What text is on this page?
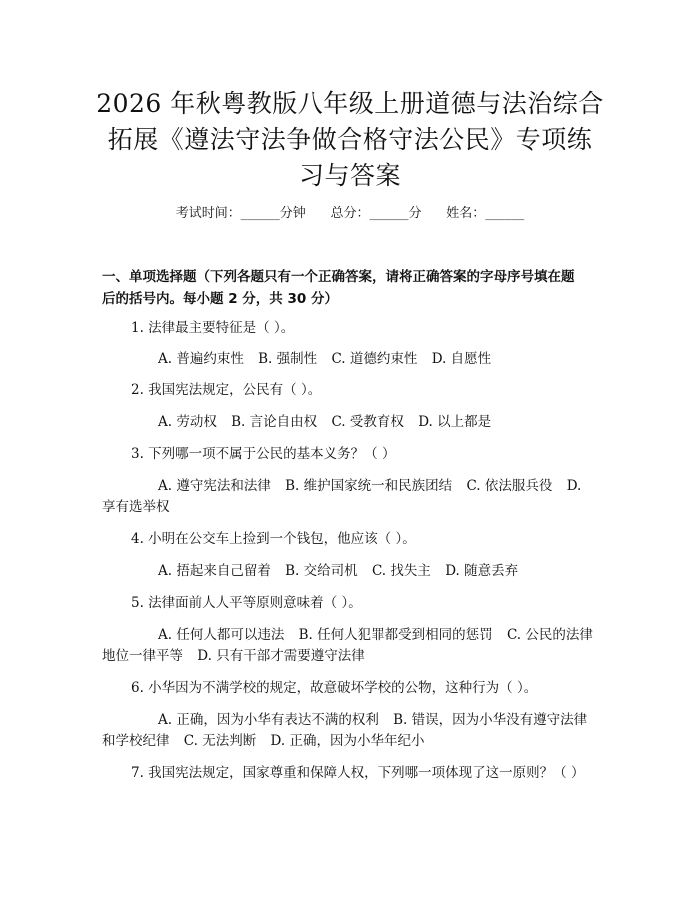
2026 年秋粤教版八年级上册道德与法治综合
拓展《遵法守法争做合格守法公民》专项练
习与答案
考试时间：______分钟      总分：______分      姓名：______
一、单项选择题（下列各题只有一个正确答案，请将正确答案的字母序号填在题
后的括号内。每小题 2 分，共 30 分）
1. 法律最主要特征是（ ）。
A. 普遍约束性 B. 强制性 C. 道德约束性 D. 自愿性
2. 我国宪法规定，公民有（ ）。
A. 劳动权 B. 言论自由权 C. 受教育权 D. 以上都是
3. 下列哪一项不属于公民的基本义务？（ ）
A. 遵守宪法和法律 B. 维护国家统一和民族团结 C. 依法服兵役 D. 享有选举权
4. 小明在公交车上捡到一个钱包，他应该（ ）。
A. 捂起来自己留着 B. 交给司机 C. 找失主 D. 随意丢弃
5. 法律面前人人平等原则意味着（ ）。
A. 任何人都可以违法 B. 任何人犯罪都受到相同的惩罚 C. 公民的法律地位一律平等 D. 只有干部才需要遵守法律
6. 小华因为不满学校的规定，故意破坏学校的公物，这种行为（ ）。
A. 正确，因为小华有表达不满的权利 B. 错误，因为小华没有遵守法律和学校纪律 C. 无法判断 D. 正确，因为小华年纪小
7. 我国宪法规定，国家尊重和保障人权，下列哪一项体现了这一原则？（ ）
